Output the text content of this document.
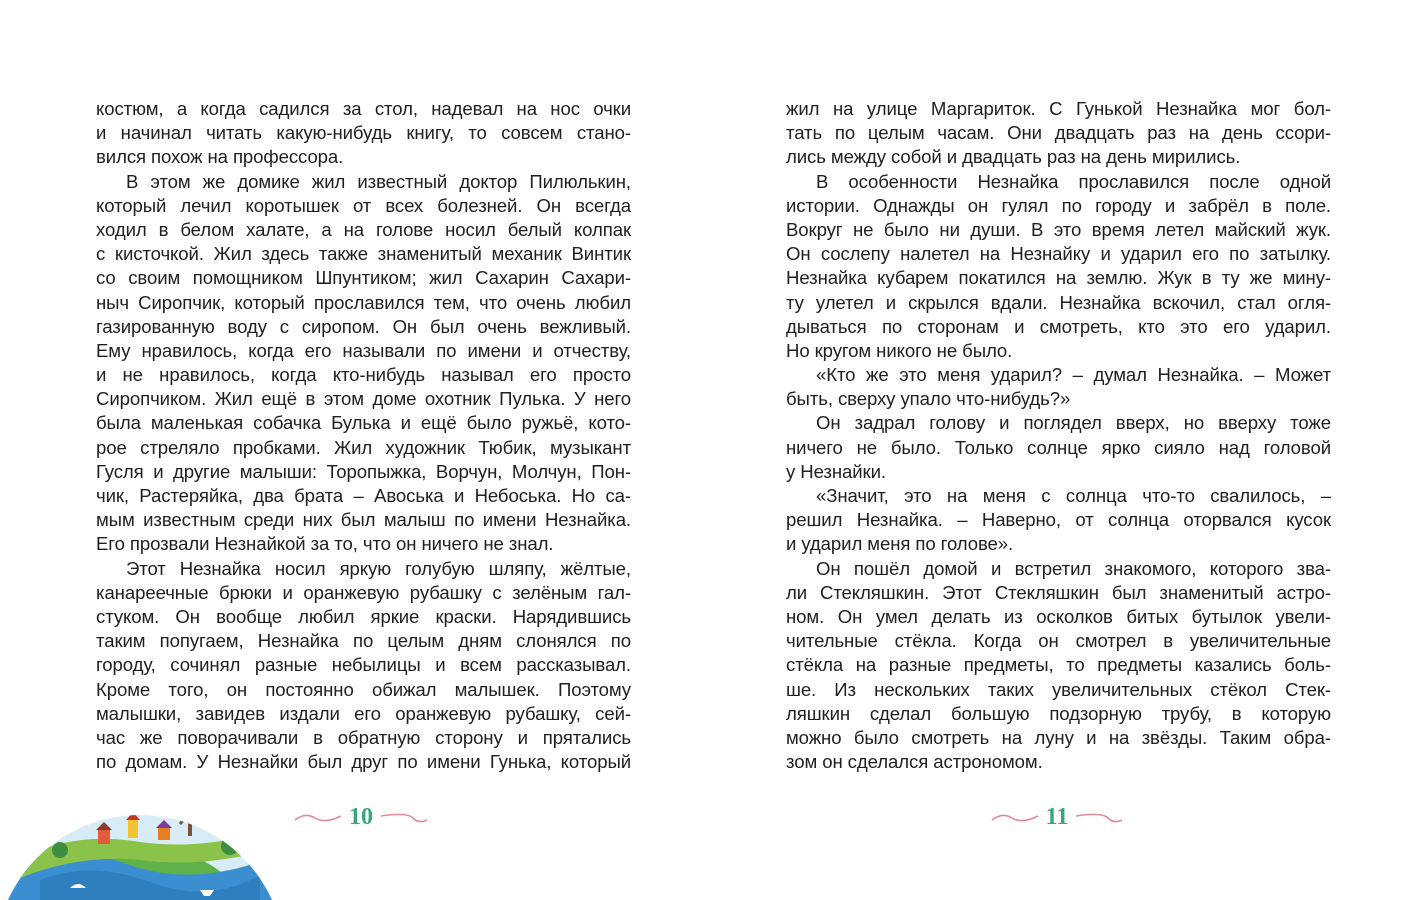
костюм, а когда садился за стол, надевал на нос очки
и начинал читать какую-нибудь книгу, то совсем стано-
вился похож на профессора.
В этом же домике жил известный доктор Пилюлькин,
который лечил коротышек от всех болезней. Он всегда
ходил в белом халате, а на голове носил белый колпак
с кисточкой. Жил здесь также знаменитый механик Винтик
со своим помощником Шпунтиком; жил Сахарин Сахари-
ныч Сиропчик, который прославился тем, что очень любил
газированную воду с сиропом. Он был очень вежливый.
Ему нравилось, когда его называли по имени и отчеству,
и не нравилось, когда кто-нибудь называл его просто
Сиропчиком. Жил ещё в этом доме охотник Пулька. У него
была маленькая собачка Булька и ещё было ружьё, кото-
рое стреляло пробками. Жил художник Тюбик, музыкант
Гусля и другие малыши: Торопыжка, Ворчун, Молчун, Пон-
чик, Растеряйка, два брата – Авоська и Небоська. Но са-
мым известным среди них был малыш по имени Незнайка.
Его прозвали Незнайкой за то, что он ничего не знал.
Этот Незнайка носил яркую голубую шляпу, жёлтые,
канареечные брюки и оранжевую рубашку с зелёным гал-
стуком. Он вообще любил яркие краски. Нарядившись
таким попугаем, Незнайка по целым дням слонялся по
городу, сочинял разные небылицы и всем рассказывал.
Кроме того, он постоянно обижал малышек. Поэтому
малышки, завидев издали его оранжевую рубашку, сей-
час же поворачивали в обратную сторону и прятались
по домам. У Незнайки был друг по имени Гунька, который
10
жил на улице Маргариток. С Гунькой Незнайка мог бол-
тать по целым часам. Они двадцать раз на день ссори-
лись между собой и двадцать раз на день мирились.
В особенности Незнайка прославился после одной
истории. Однажды он гулял по городу и забрёл в поле.
Вокруг не было ни души. В это время летел майский жук.
Он сослепу налетел на Незнайку и ударил его по затылку.
Незнайка кубарем покатился на землю. Жук в ту же мину-
ту улетел и скрылся вдали. Незнайка вскочил, стал огля-
дываться по сторонам и смотреть, кто это его ударил.
Но кругом никого не было.
«Кто же это меня ударил? – думал Незнайка. – Может
быть, сверху упало что-нибудь?»
Он задрал голову и поглядел вверх, но вверху тоже
ничего не было. Только солнце ярко сияло над головой
у Незнайки.
«Значит, это на меня с солнца что-то свалилось, –
решил Незнайка. – Наверно, от солнца оторвался кусок
и ударил меня по голове».
Он пошёл домой и встретил знакомого, которого зва-
ли Стекляшкин. Этот Стекляшкин был знаменитый астро-
ном. Он умел делать из осколков битых бутылок увели-
чительные стёкла. Когда он смотрел в увеличительные
стёкла на разные предметы, то предметы казались боль-
ше. Из нескольких таких увеличительных стёкол Стек-
ляшкин сделал большую подзорную трубу, в которую
можно было смотреть на луну и на звёзды. Таким обра-
зом он сделался астрономом.
11
